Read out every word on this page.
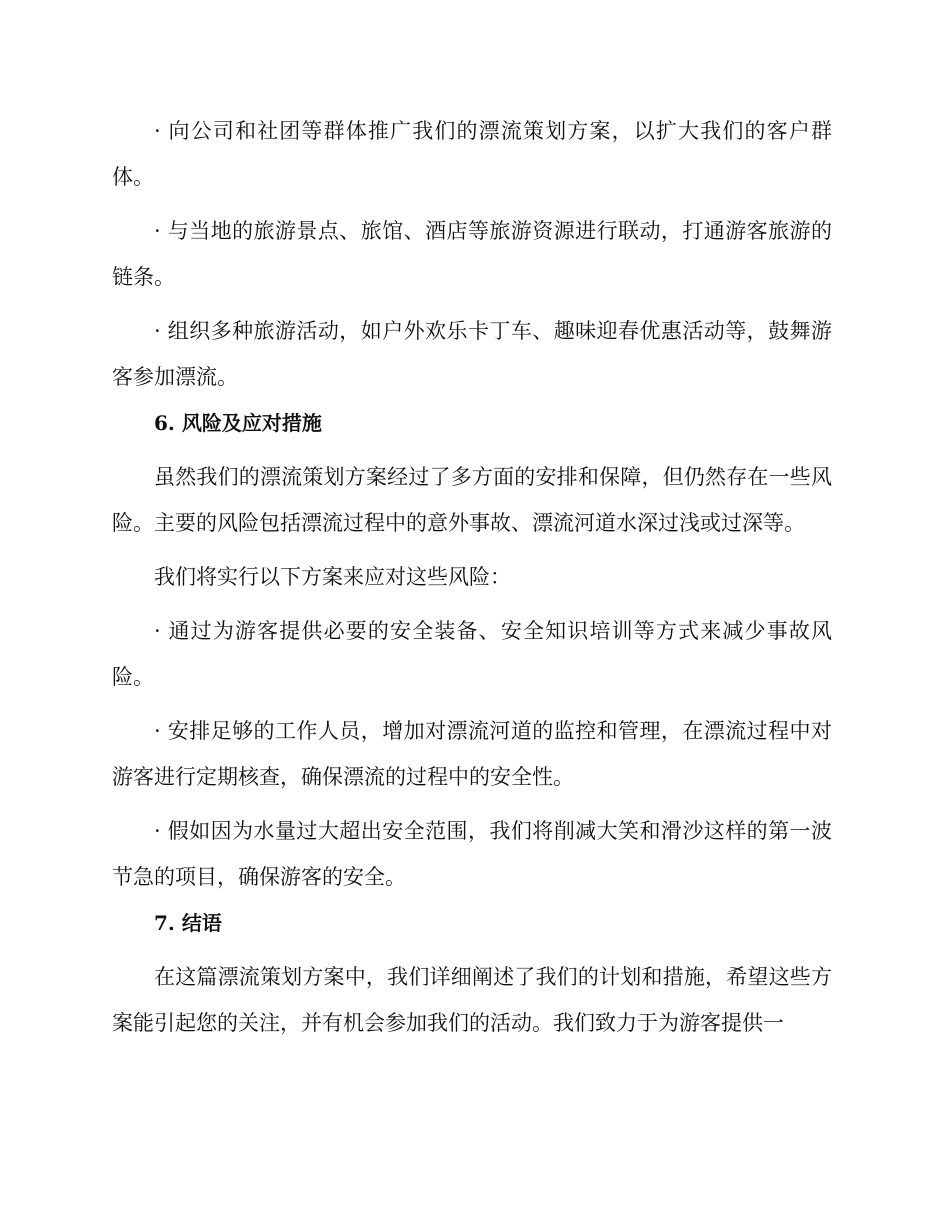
· 向公司和社团等群体推广我们的漂流策划方案，以扩大我们的客户群体。

· 与当地的旅游景点、旅馆、酒店等旅游资源进行联动，打通游客旅游的链条。

· 组织多种旅游活动，如户外欢乐卡丁车、趣味迎春优惠活动等，鼓舞游客参加漂流。

6. 风险及应对措施

虽然我们的漂流策划方案经过了多方面的安排和保障，但仍然存在一些风险。主要的风险包括漂流过程中的意外事故、漂流河道水深过浅或过深等。

我们将实行以下方案来应对这些风险：

· 通过为游客提供必要的安全装备、安全知识培训等方式来减少事故风险。

· 安排足够的工作人员，增加对漂流河道的监控和管理，在漂流过程中对游客进行定期核查，确保漂流的过程中的安全性。

· 假如因为水量过大超出安全范围，我们将削减大笑和滑沙这样的第一波节急的项目，确保游客的安全。

7. 结语

在这篇漂流策划方案中，我们详细阐述了我们的计划和措施，希望这些方案能引起您的关注，并有机会参加我们的活动。我们致力于为游客提供一
